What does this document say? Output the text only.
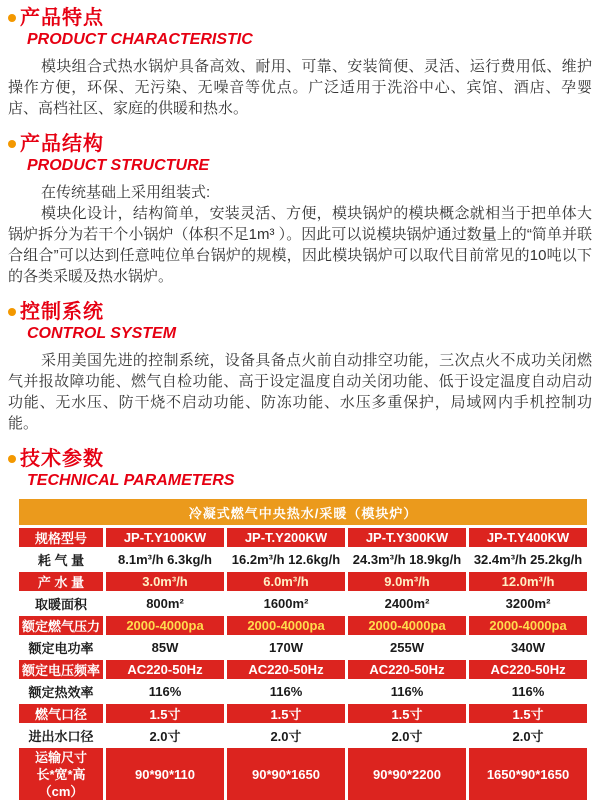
产品特点
PRODUCT CHARACTERISTIC

模块组合式热水锅炉具备高效、耐用、可靠、安装简便、灵活、运行费用低、维护操作方便，环保、无污染、无噪音等优点。广泛适用于洗浴中心、宾馆、酒店、孕婴店、高档社区、家庭的供暖和热水。

产品结构
PRODUCT STRUCTURE

在传统基础上采用组装式:

模块化设计，结构简单，安装灵活、方便，模块锅炉的模块概念就相当于把单体大锅炉拆分为若干个小锅炉（体积不足1m³ ）。因此可以说模块锅炉通过数量上的“简单并联合组合”可以达到任意吨位单台锅炉的规模，因此模块锅炉可以取代目前常见的10吨以下的各类采暖及热水锅炉。

控制系统
CONTROL SYSTEM

采用美国先进的控制系统，设备具备点火前自动排空功能，三次点火不成功关闭燃气并报故障功能、燃气自检功能、高于设定温度自动关闭功能、低于设定温度自动启动功能、无水压、防干烧不启动功能、防冻功能、水压多重保护，局域网内手机控制功能。

技术参数
TECHNICAL PARAMETERS
冷凝式燃气中央热水/采暖（模块炉）				
规格型号	JP-T.Y100KW	JP-T.Y200KW	JP-T.Y300KW	JP-T.Y400KW
耗 气 量	8.1m³/h 6.3kg/h	16.2m³/h 12.6kg/h	24.3m³/h 18.9kg/h	32.4m³/h 25.2kg/h
产 水 量	3.0m³/h	6.0m³/h	9.0m³/h	12.0m³/h
取暖面积	800m²	1600m²	2400m²	3200m²
额定燃气压力	2000-4000pa	2000-4000pa	2000-4000pa	2000-4000pa
额定电功率	85W	170W	255W	340W
额定电压频率	AC220-50Hz	AC220-50Hz	AC220-50Hz	AC220-50Hz
额定热效率	116%	116%	116%	116%
燃气口径	1.5寸	1.5寸	1.5寸	1.5寸
进出水口径	2.0寸	2.0寸	2.0寸	2.0寸

运输尺寸
长*宽*高
（cm）	90*90*110	90*90*1650	90*90*2200	1650*90*1650
